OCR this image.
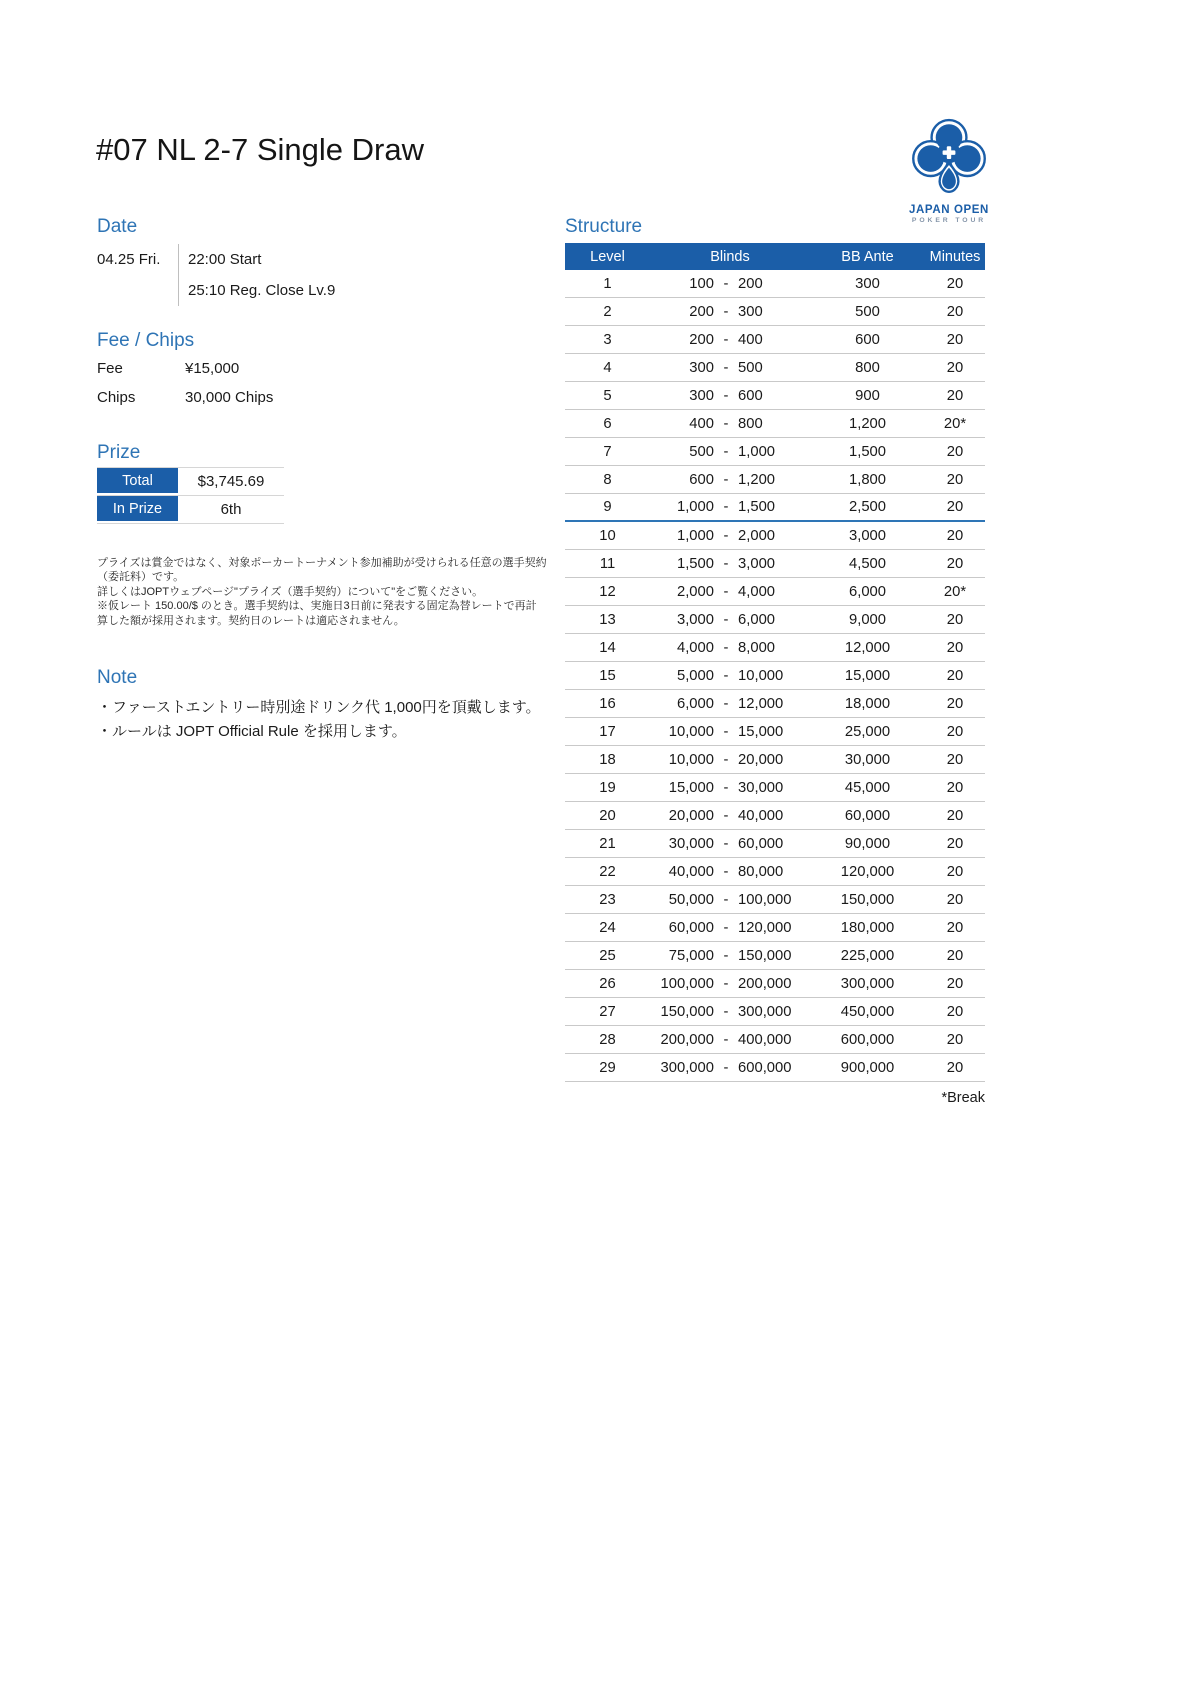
#07 NL 2-7 Single Draw
JAPAN OPEN
POKER TOUR
Date
04.25 Fri.	22:00 Start
25:10 Reg. Close Lv.9
Fee / Chips
Fee	¥15,000
Chips	30,000 Chips
Prize
Total	$3,745.69
In Prize	6th
プライズは賞金ではなく、対象ポーカートーナメント参加補助が受けられる任意の選手契約
（委託料）です。
詳しくはJOPTウェブページ"プライズ（選手契約）について"をご覧ください。
※仮レート 150.00/$ のとき。選手契約は、実施日3日前に発表する固定為替レートで再計
算した額が採用されます。契約日のレートは適応されません。
Note
・ファーストエントリー時別途ドリンク代 1,000円を頂戴します。
・ルールは JOPT Official Rule を採用します。
Structure
Level	Blinds	BB Ante	Minutes
1	100 - 200	300	20
2	200 - 300	500	20
3	200 - 400	600	20
4	300 - 500	800	20
5	300 - 600	900	20
6	400 - 800	1,200	20*
7	500 - 1,000	1,500	20
8	600 - 1,200	1,800	20
9	1,000 - 1,500	2,500	20
10	1,000 - 2,000	3,000	20
11	1,500 - 3,000	4,500	20
12	2,000 - 4,000	6,000	20*
13	3,000 - 6,000	9,000	20
14	4,000 - 8,000	12,000	20
15	5,000 - 10,000	15,000	20
16	6,000 - 12,000	18,000	20
17	10,000 - 15,000	25,000	20
18	10,000 - 20,000	30,000	20
19	15,000 - 30,000	45,000	20
20	20,000 - 40,000	60,000	20
21	30,000 - 60,000	90,000	20
22	40,000 - 80,000	120,000	20
23	50,000 - 100,000	150,000	20
24	60,000 - 120,000	180,000	20
25	75,000 - 150,000	225,000	20
26	100,000 - 200,000	300,000	20
27	150,000 - 300,000	450,000	20
28	200,000 - 400,000	600,000	20
29	300,000 - 600,000	900,000	20
*Break
